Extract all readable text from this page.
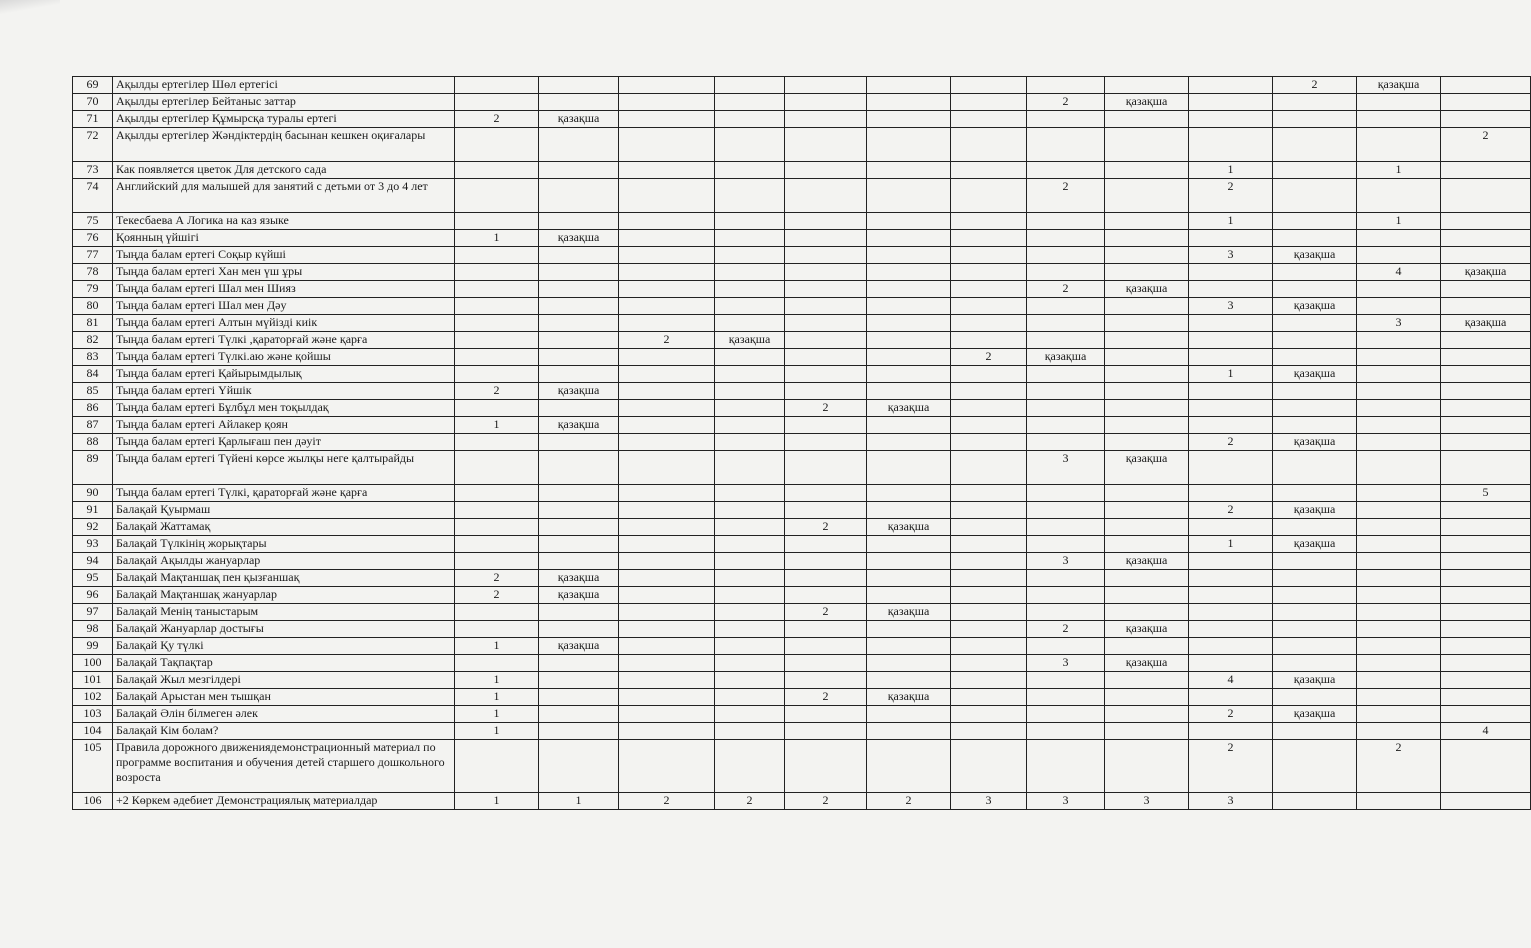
69	Ақылды ертегілер Шөл ертегісі											2	қазақша	
70	Ақылды ертегілер Бейтаныс заттар								2	қазақша				
71	Ақылды ертегілер Құмырсқа туралы ертегі	2	қазақша											
72	Ақылды ертегілер Жәндіктердің басынан кешкен оқиғалары													2
73	Как появляется цветок Для детского сада										1		1	
74	Английский для малышей для занятий с детьми от 3 до 4 лет								2		2			
75	Текесбаева А Логика на каз языке										1		1	
76	Қоянның үйшігі	1	қазақша											
77	Тыңда балам ертегі Соқыр күйші										3	қазақша		
78	Тыңда балам ертегі Хан мен үш ұры												4	қазақша
79	Тыңда балам ертегі Шал мен Шияз								2	қазақша				
80	Тыңда балам ертегі Шал мен Дәу										3	қазақша		
81	Тыңда балам ертегі Алтын мүйізді киік												3	қазақша
82	Тыңда балам ертегі Түлкі ,қараторғай және қарға			2	қазақша									
83	Тыңда балам ертегі Түлкі.аю және қойшы							2	қазақша					
84	Тыңда балам ертегі Қайырымдылық										1	қазақша		
85	Тыңда балам ертегі Үйшік	2	қазақша											
86	Тыңда балам ертегі Бұлбұл мен тоқылдақ					2	қазақша							
87	Тыңда балам ертегі Айлакер қоян	1	қазақша											
88	Тыңда балам ертегі Қарлығаш пен дәуіт										2	қазақша		
89	Тыңда балам ертегі Түйені көрсе жылқы неге қалтырайды								3	қазақша				
90	Тыңда балам ертегі Түлкі, қараторғай және қарға													5
91	Балақай Қуырмаш										2	қазақша		
92	Балақай Жаттамақ					2	қазақша							
93	Балақай Түлкінің жорықтары										1	қазақша		
94	Балақай Ақылды жануарлар								3	қазақша				
95	Балақай Мақтаншақ пен қызғаншақ	2	қазақша											
96	Балақай Мақтаншақ жануарлар	2	қазақша											
97	Балақай Менің таныстарым					2	қазақша							
98	Балақай Жануарлар достығы								2	қазақша				
99	Балақай Қу түлкі	1	қазақша											
100	Балақай Тақпақтар								3	қазақша				
101	Балақай Жыл мезгілдері	1									4	қазақша		
102	Балақай Арыстан мен тышқан	1				2	қазақша							
103	Балақай Әлін білмеген әлек	1									2	қазақша		
104	Балақай Кім болам?	1												4
105	Правила дорожного движениядемонстрационный материал по программе воспитания и обучения детей старшего дошкольного возроста										2		2	
106	+2 Көркем әдебиет Демонстрациялық материалдар	1	1	2	2	2	2	3	3	3	3			
